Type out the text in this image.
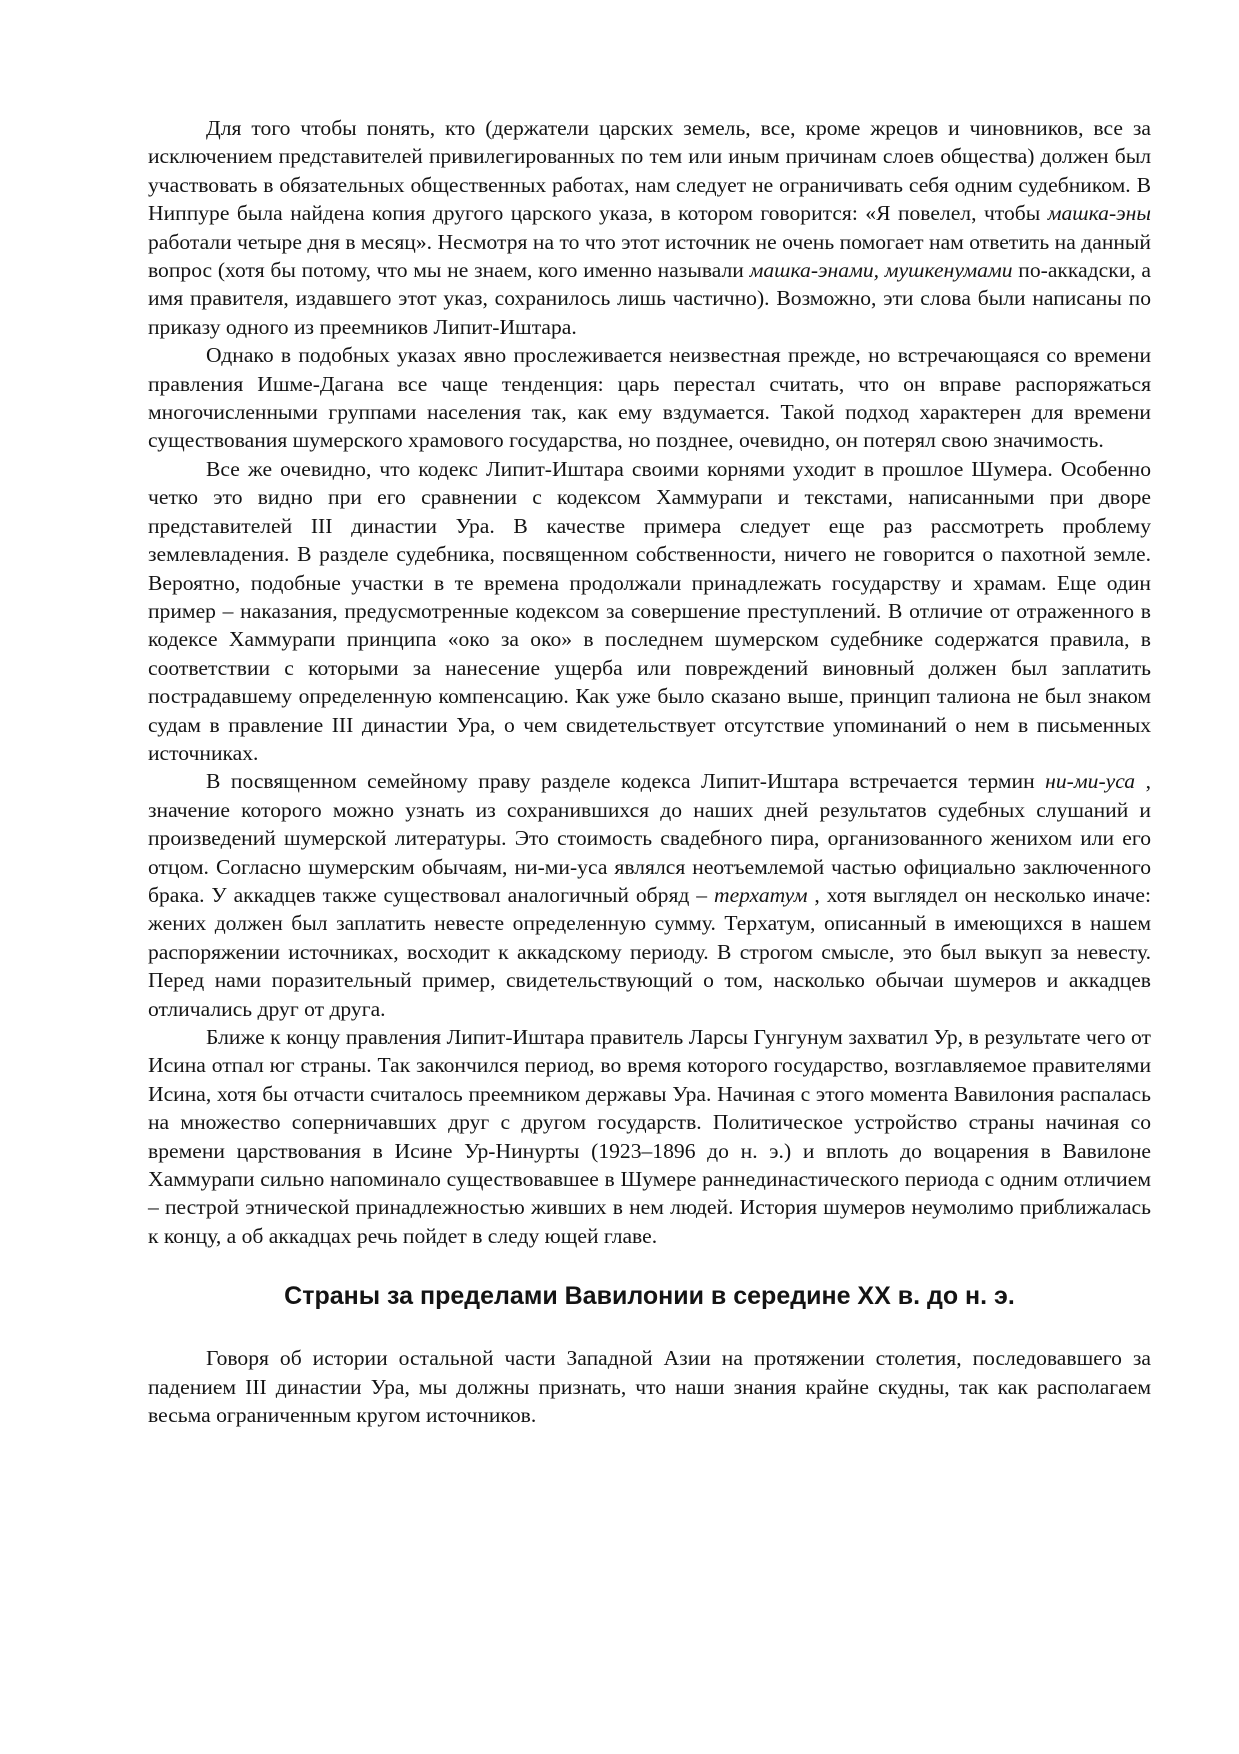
Для того чтобы понять, кто (держатели царских земель, все, кроме жрецов и чиновников, все за исключением представителей привилегированных по тем или иным причинам слоев общества) должен был участвовать в обязательных общественных работах, нам следует не ограничивать себя одним судебником. В Ниппуре была найдена копия другого царского указа, в котором говорится: «Я повелел, чтобы машка-эны работали четыре дня в месяц». Несмотря на то что этот источник не очень помогает нам ответить на данный вопрос (хотя бы потому, что мы не знаем, кого именно называли машка-энами, мушкенумами по-аккадски, а имя правителя, издавшего этот указ, сохранилось лишь частично). Возможно, эти слова были написаны по приказу одного из преемников Липит-Иштара.

Однако в подобных указах явно прослеживается неизвестная прежде, но встречающаяся со времени правления Ишме-Дагана все чаще тенденция: царь перестал считать, что он вправе распоряжаться многочисленными группами населения так, как ему вздумается. Такой подход характерен для времени существования шумерского храмового государства, но позднее, очевидно, он потерял свою значимость.

Все же очевидно, что кодекс Липит-Иштара своими корнями уходит в прошлое Шумера. Особенно четко это видно при его сравнении с кодексом Хаммурапи и текстами, написанными при дворе представителей III династии Ура. В качестве примера следует еще раз рассмотреть проблему землевладения. В разделе судебника, посвященном собственности, ничего не говорится о пахотной земле. Вероятно, подобные участки в те времена продолжали принадлежать государству и храмам. Еще один пример – наказания, предусмотренные кодексом за совершение преступлений. В отличие от отраженного в кодексе Хаммурапи принципа «око за око» в последнем шумерском судебнике содержатся правила, в соответствии с которыми за нанесение ущерба или повреждений виновный должен был заплатить пострадавшему определенную компенсацию. Как уже было сказано выше, принцип талиона не был знаком судам в правление III династии Ура, о чем свидетельствует отсутствие упоминаний о нем в письменных источниках.

В посвященном семейному праву разделе кодекса Липит-Иштара встречается термин ни-ми-уса , значение которого можно узнать из сохранившихся до наших дней результатов судебных слушаний и произведений шумерской литературы. Это стоимость свадебного пира, организованного женихом или его отцом. Согласно шумерским обычаям, ни-ми-уса являлся неотъемлемой частью официально заключенного брака. У аккадцев также существовал аналогичный обряд – терхатум , хотя выглядел он несколько иначе: жених должен был заплатить невесте определенную сумму. Терхатум, описанный в имеющихся в нашем распоряжении источниках, восходит к аккадскому периоду. В строгом смысле, это был выкуп за невесту. Перед нами поразительный пример, свидетельствующий о том, насколько обычаи шумеров и аккадцев отличались друг от друга.

Ближе к концу правления Липит-Иштара правитель Ларсы Гунгунум захватил Ур, в результате чего от Исина отпал юг страны. Так закончился период, во время которого государство, возглавляемое правителями Исина, хотя бы отчасти считалось преемником державы Ура. Начиная с этого момента Вавилония распалась на множество соперничавших друг с другом государств. Политическое устройство страны начиная со времени царствования в Исине Ур-Нинурты (1923–1896 до н. э.) и вплоть до воцарения в Вавилоне Хаммурапи сильно напоминало существовавшее в Шумере раннединастического периода с одним отличием – пестрой этнической принадлежностью живших в нем людей. История шумеров неумолимо приближалась к концу, а об аккадцах речь пойдет в следу ющей главе.

Страны за пределами Вавилонии в середине XX в. до н. э.

Говоря об истории остальной части Западной Азии на протяжении столетия, последовавшего за падением III династии Ура, мы должны признать, что наши знания крайне скудны, так как располагаем весьма ограниченным кругом источников.
